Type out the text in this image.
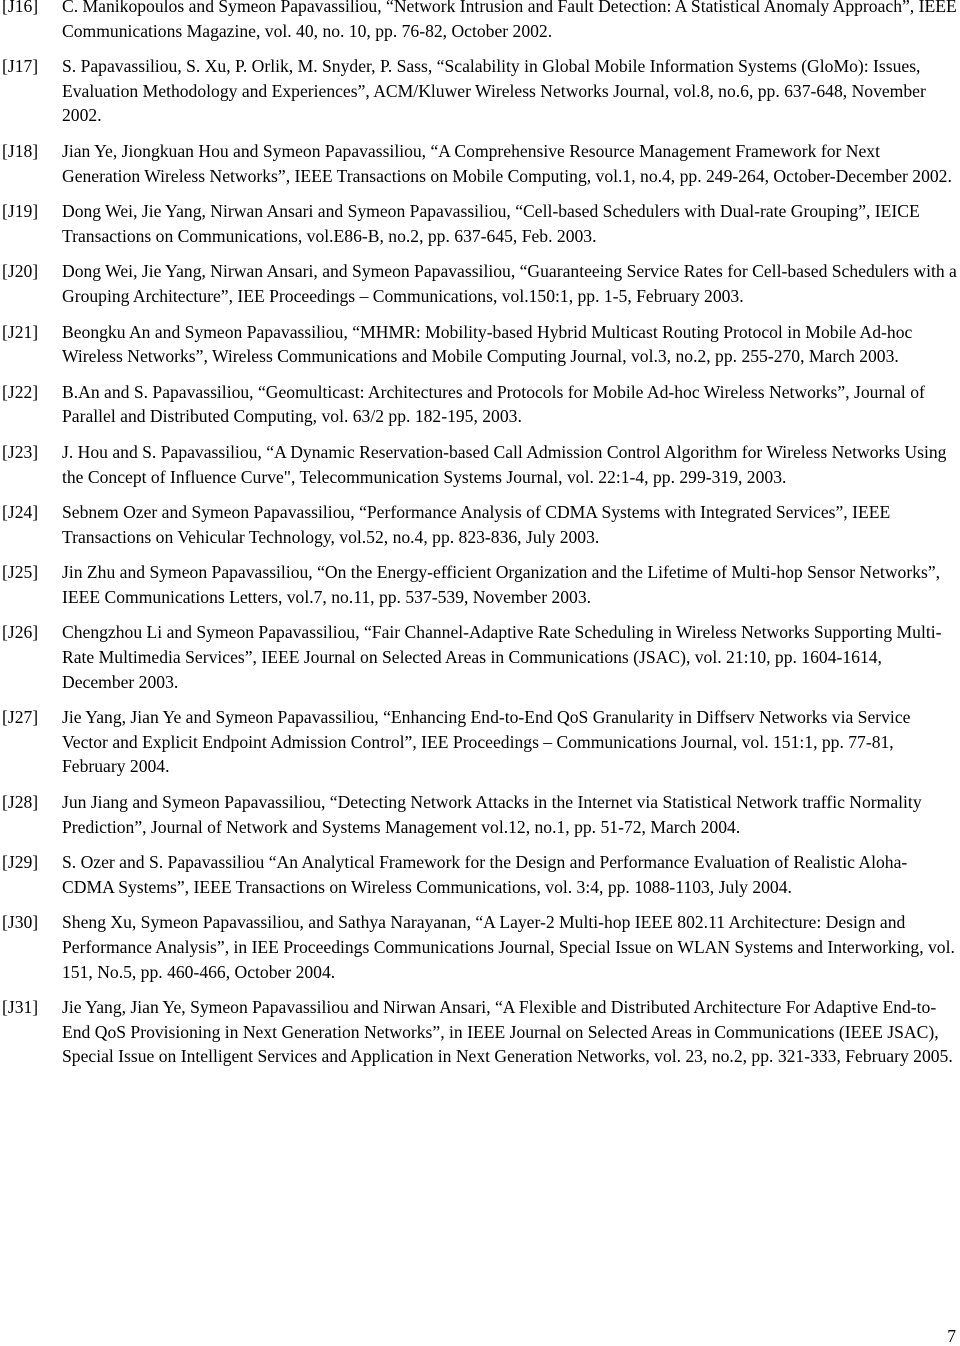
[J16]	C. Manikopoulos and Symeon Papavassiliou, “Network Intrusion and Fault Detection: A Statistical Anomaly Approach”, IEEE Communications Magazine, vol. 40, no. 10, pp. 76-82, October 2002.
[J17]	S. Papavassiliou, S. Xu, P. Orlik, M. Snyder, P. Sass, “Scalability in Global Mobile Information Systems (GloMo): Issues, Evaluation Methodology and Experiences”, ACM/Kluwer Wireless Networks Journal, vol.8, no.6, pp. 637-648, November 2002.
[J18]	Jian Ye, Jiongkuan Hou and Symeon Papavassiliou, “A Comprehensive Resource Management Framework for Next Generation Wireless Networks”, IEEE Transactions on Mobile Computing, vol.1, no.4, pp. 249-264, October-December 2002.
[J19]	Dong Wei, Jie Yang, Nirwan Ansari and Symeon Papavassiliou, “Cell-based Schedulers with Dual-rate Grouping”, IEICE Transactions on Communications, vol.E86-B, no.2, pp. 637-645, Feb. 2003.
[J20]	Dong Wei, Jie Yang, Nirwan Ansari, and Symeon Papavassiliou, “Guaranteeing Service Rates for Cell-based Schedulers with a Grouping Architecture”, IEE Proceedings – Communications, vol.150:1, pp. 1-5, February 2003.
[J21]	Beongku An and Symeon Papavassiliou, “MHMR: Mobility-based Hybrid Multicast Routing Protocol in Mobile Ad-hoc Wireless Networks”, Wireless Communications and Mobile Computing Journal, vol.3, no.2, pp. 255-270, March 2003.
[J22]	B.An and S. Papavassiliou, “Geomulticast: Architectures and Protocols for Mobile Ad-hoc Wireless Networks”, Journal of Parallel and Distributed Computing, vol. 63/2 pp. 182-195, 2003.
[J23]	J. Hou and S. Papavassiliou, “A Dynamic Reservation-based Call Admission Control Algorithm for Wireless Networks Using the Concept of Influence Curve", Telecommunication Systems Journal, vol. 22:1-4, pp. 299-319, 2003.
[J24]	Sebnem Ozer and Symeon Papavassiliou, “Performance Analysis of CDMA Systems with Integrated Services”, IEEE Transactions on Vehicular Technology, vol.52, no.4, pp. 823-836, July 2003.
[J25]	Jin Zhu and Symeon Papavassiliou, “On the Energy-efficient Organization and the Lifetime of Multi-hop Sensor Networks”, IEEE Communications Letters, vol.7, no.11, pp. 537-539, November 2003.
[J26]	Chengzhou Li and Symeon Papavassiliou, “Fair Channel-Adaptive Rate Scheduling in Wireless Networks Supporting Multi-Rate Multimedia Services”, IEEE Journal on Selected Areas in Communications (JSAC), vol. 21:10, pp. 1604-1614, December 2003.
[J27]	Jie Yang, Jian Ye and Symeon Papavassiliou, “Enhancing End-to-End QoS Granularity in Diffserv Networks via Service Vector and Explicit Endpoint Admission Control”, IEE Proceedings – Communications Journal, vol. 151:1, pp. 77-81, February 2004.
[J28]	Jun Jiang and Symeon Papavassiliou, “Detecting Network Attacks in the Internet via Statistical Network traffic Normality Prediction”, Journal of Network and Systems Management vol.12, no.1, pp. 51-72, March 2004.
[J29]	S. Ozer and S. Papavassiliou “An Analytical Framework for the Design and Performance Evaluation of Realistic Aloha-CDMA Systems”, IEEE Transactions on Wireless Communications, vol. 3:4, pp. 1088-1103, July 2004.
[J30]	Sheng Xu, Symeon Papavassiliou, and Sathya Narayanan, “A Layer-2 Multi-hop IEEE 802.11 Architecture: Design and Performance Analysis”, in IEE Proceedings Communications Journal, Special Issue on WLAN Systems and Interworking, vol. 151, No.5, pp. 460-466, October 2004.
[J31]	Jie Yang, Jian Ye, Symeon Papavassiliou and Nirwan Ansari, “A Flexible and Distributed Architecture For Adaptive End-to-End QoS Provisioning in Next Generation Networks”, in IEEE Journal on Selected Areas in Communications (IEEE JSAC), Special Issue on Intelligent Services and Application in Next Generation Networks, vol. 23, no.2, pp. 321-333, February 2005.
7
